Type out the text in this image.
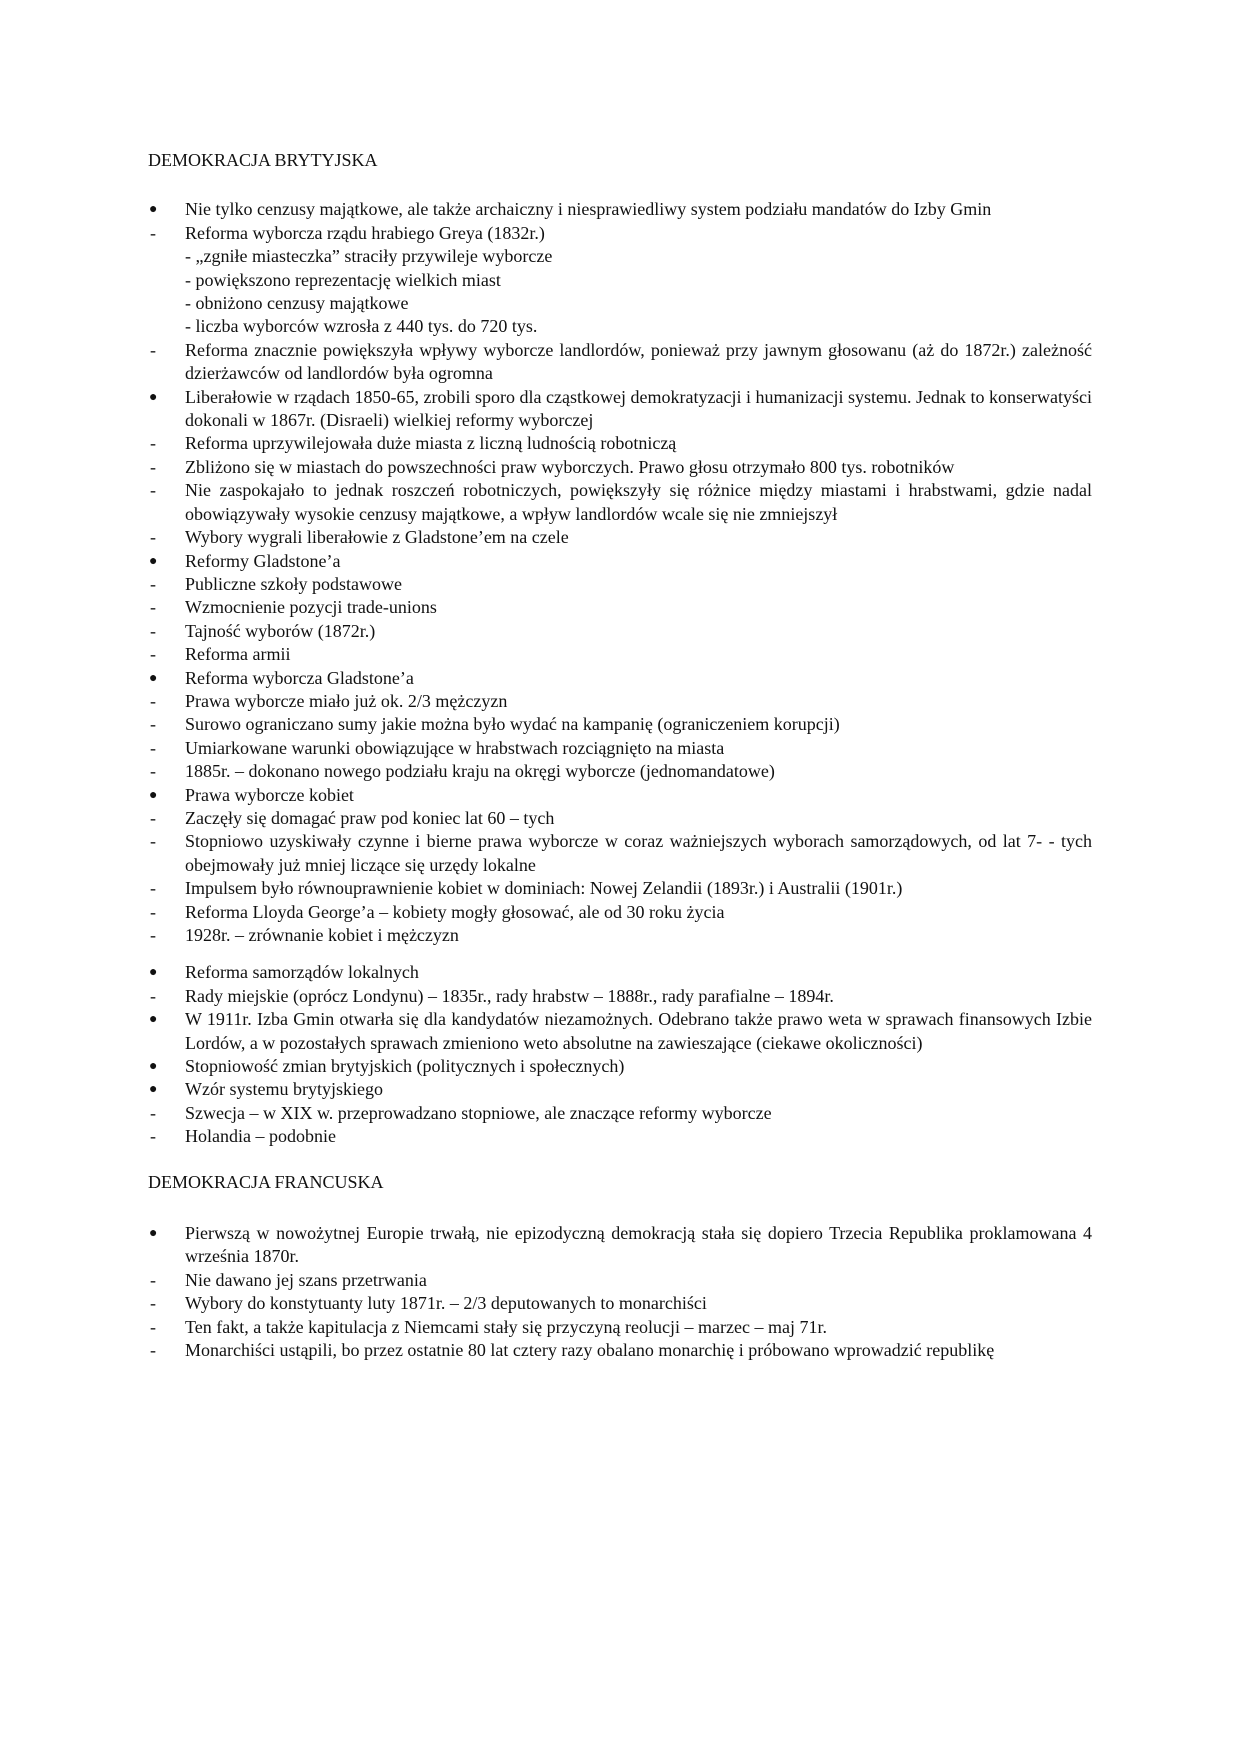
DEMOKRACJA BRYTYJSKA
●	Nie tylko cenzusy majątkowe, ale także archaiczny i niesprawiedliwy system podziału mandatów do Izby Gmin
-	Reforma wyborcza rządu hrabiego Greya (1832r.)
- „zgniłe miasteczka” straciły przywileje wyborcze
- powiększono reprezentację wielkich miast
- obniżono cenzusy majątkowe
- liczba wyborców wzrosła z 440 tys. do 720 tys.
-	Reforma znacznie powiększyła wpływy wyborcze landlordów, ponieważ przy jawnym głosowanu (aż do 1872r.) zależność dzierżawców od landlordów była ogromna
●	Liberałowie w rządach 1850-65, zrobili sporo dla cząstkowej demokratyzacji i humanizacji systemu. Jednak to konserwatyści dokonali w 1867r. (Disraeli) wielkiej reformy wyborczej
-	Reforma uprzywilejowała duże miasta z liczną ludnością robotniczą
-	Zbliżono się w miastach do powszechności praw wyborczych. Prawo głosu otrzymało 800 tys. robotników
-	Nie zaspokajało to jednak roszczeń robotniczych, powiększyły się różnice między miastami i hrabstwami, gdzie nadal obowiązywały wysokie cenzusy majątkowe, a wpływ landlordów wcale się nie zmniejszył
-	Wybory wygrali liberałowie z Gladstone’em na czele
●	Reformy Gladstone’a
-	Publiczne szkoły podstawowe
-	Wzmocnienie pozycji trade-unions
-	Tajność wyborów (1872r.)
-	Reforma armii
●	Reforma wyborcza Gladstone’a
-	Prawa wyborcze miało już ok. 2/3 mężczyzn
-	Surowo ograniczano sumy jakie można było wydać na kampanię (ograniczeniem korupcji)
-	Umiarkowane warunki obowiązujące w hrabstwach rozciągnięto na miasta
-	1885r. – dokonano nowego podziału kraju na okręgi wyborcze (jednomandatowe)
●	Prawa wyborcze kobiet
-	Zaczęły się domagać praw pod koniec lat 60 – tych
-	Stopniowo uzyskiwały czynne i bierne prawa wyborcze w coraz ważniejszych wyborach samorządowych, od lat 7- - tych obejmowały już mniej liczące się urzędy lokalne
-	Impulsem było równouprawnienie kobiet w dominiach: Nowej Zelandii (1893r.) i Australii (1901r.)
-	Reforma Lloyda George’a – kobiety mogły głosować, ale od 30 roku życia
-	1928r. – zrównanie kobiet i mężczyzn
●	Reforma samorządów lokalnych
-	Rady miejskie (oprócz Londynu) – 1835r., rady hrabstw – 1888r., rady parafialne – 1894r.
●	W 1911r. Izba Gmin otwarła się dla kandydatów niezamożnych. Odebrano także prawo weta w sprawach finansowych Izbie Lordów, a w pozostałych sprawach zmieniono weto absolutne na zawieszające (ciekawe okoliczności)
●	Stopniowość zmian brytyjskich (politycznych i społecznych)
●	Wzór systemu brytyjskiego
-	Szwecja – w XIX w. przeprowadzano stopniowe, ale znaczące reformy wyborcze
-	Holandia – podobnie
DEMOKRACJA FRANCUSKA
●	Pierwszą w nowożytnej Europie trwałą, nie epizodyczną demokracją stała się dopiero Trzecia Republika proklamowana 4 września 1870r.
-	Nie dawano jej szans przetrwania
-	Wybory do konstytuanty luty 1871r. – 2/3 deputowanych to monarchiści
-	Ten fakt, a także kapitulacja z Niemcami stały się przyczyną reolucji – marzec – maj 71r.
-	Monarchiści ustąpili, bo przez ostatnie 80 lat cztery razy obalano monarchię i próbowano wprowadzić republikę
